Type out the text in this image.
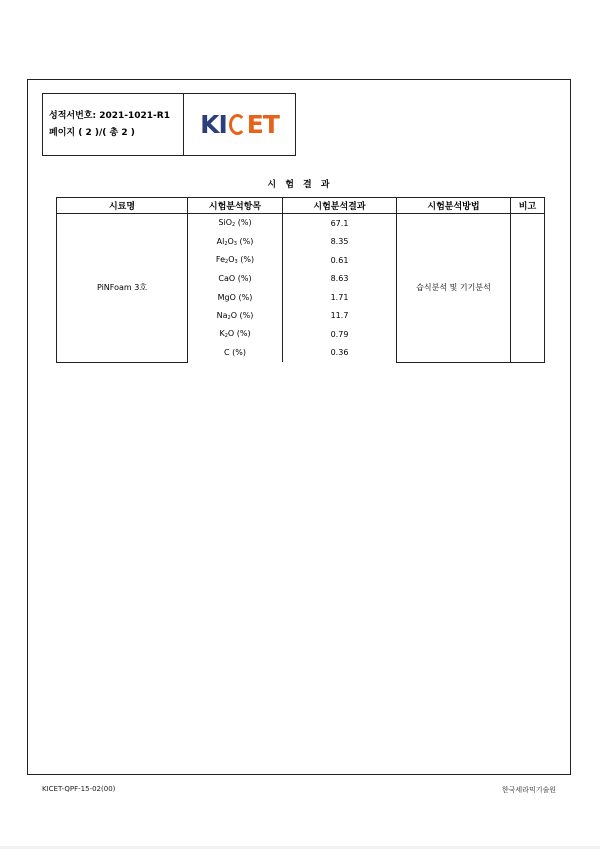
성적서번호: 2021-1021-R1
페이지 ( 2 )/( 총 2 )	KI ET
시 험 결 과
시료명	시험분석항목	시험분석결과	시험분석방법	비고
PiNFoam 3호	SiO$_2$ (%)	67.1	습식분석 및 기기분석	
	$Al_2O_3$ (%)	8.35		
	$Fe_2O_3$ (%)	0.61		
	CaO (%)	8.63		
	MgO (%)	1.71		
	$Na_2O$ (%)	11.7		
	$K_2O$ (%)	0.79		
	C (%)	0.36		
KICET-QPF-15-02(00)	한국세라믹기술원
